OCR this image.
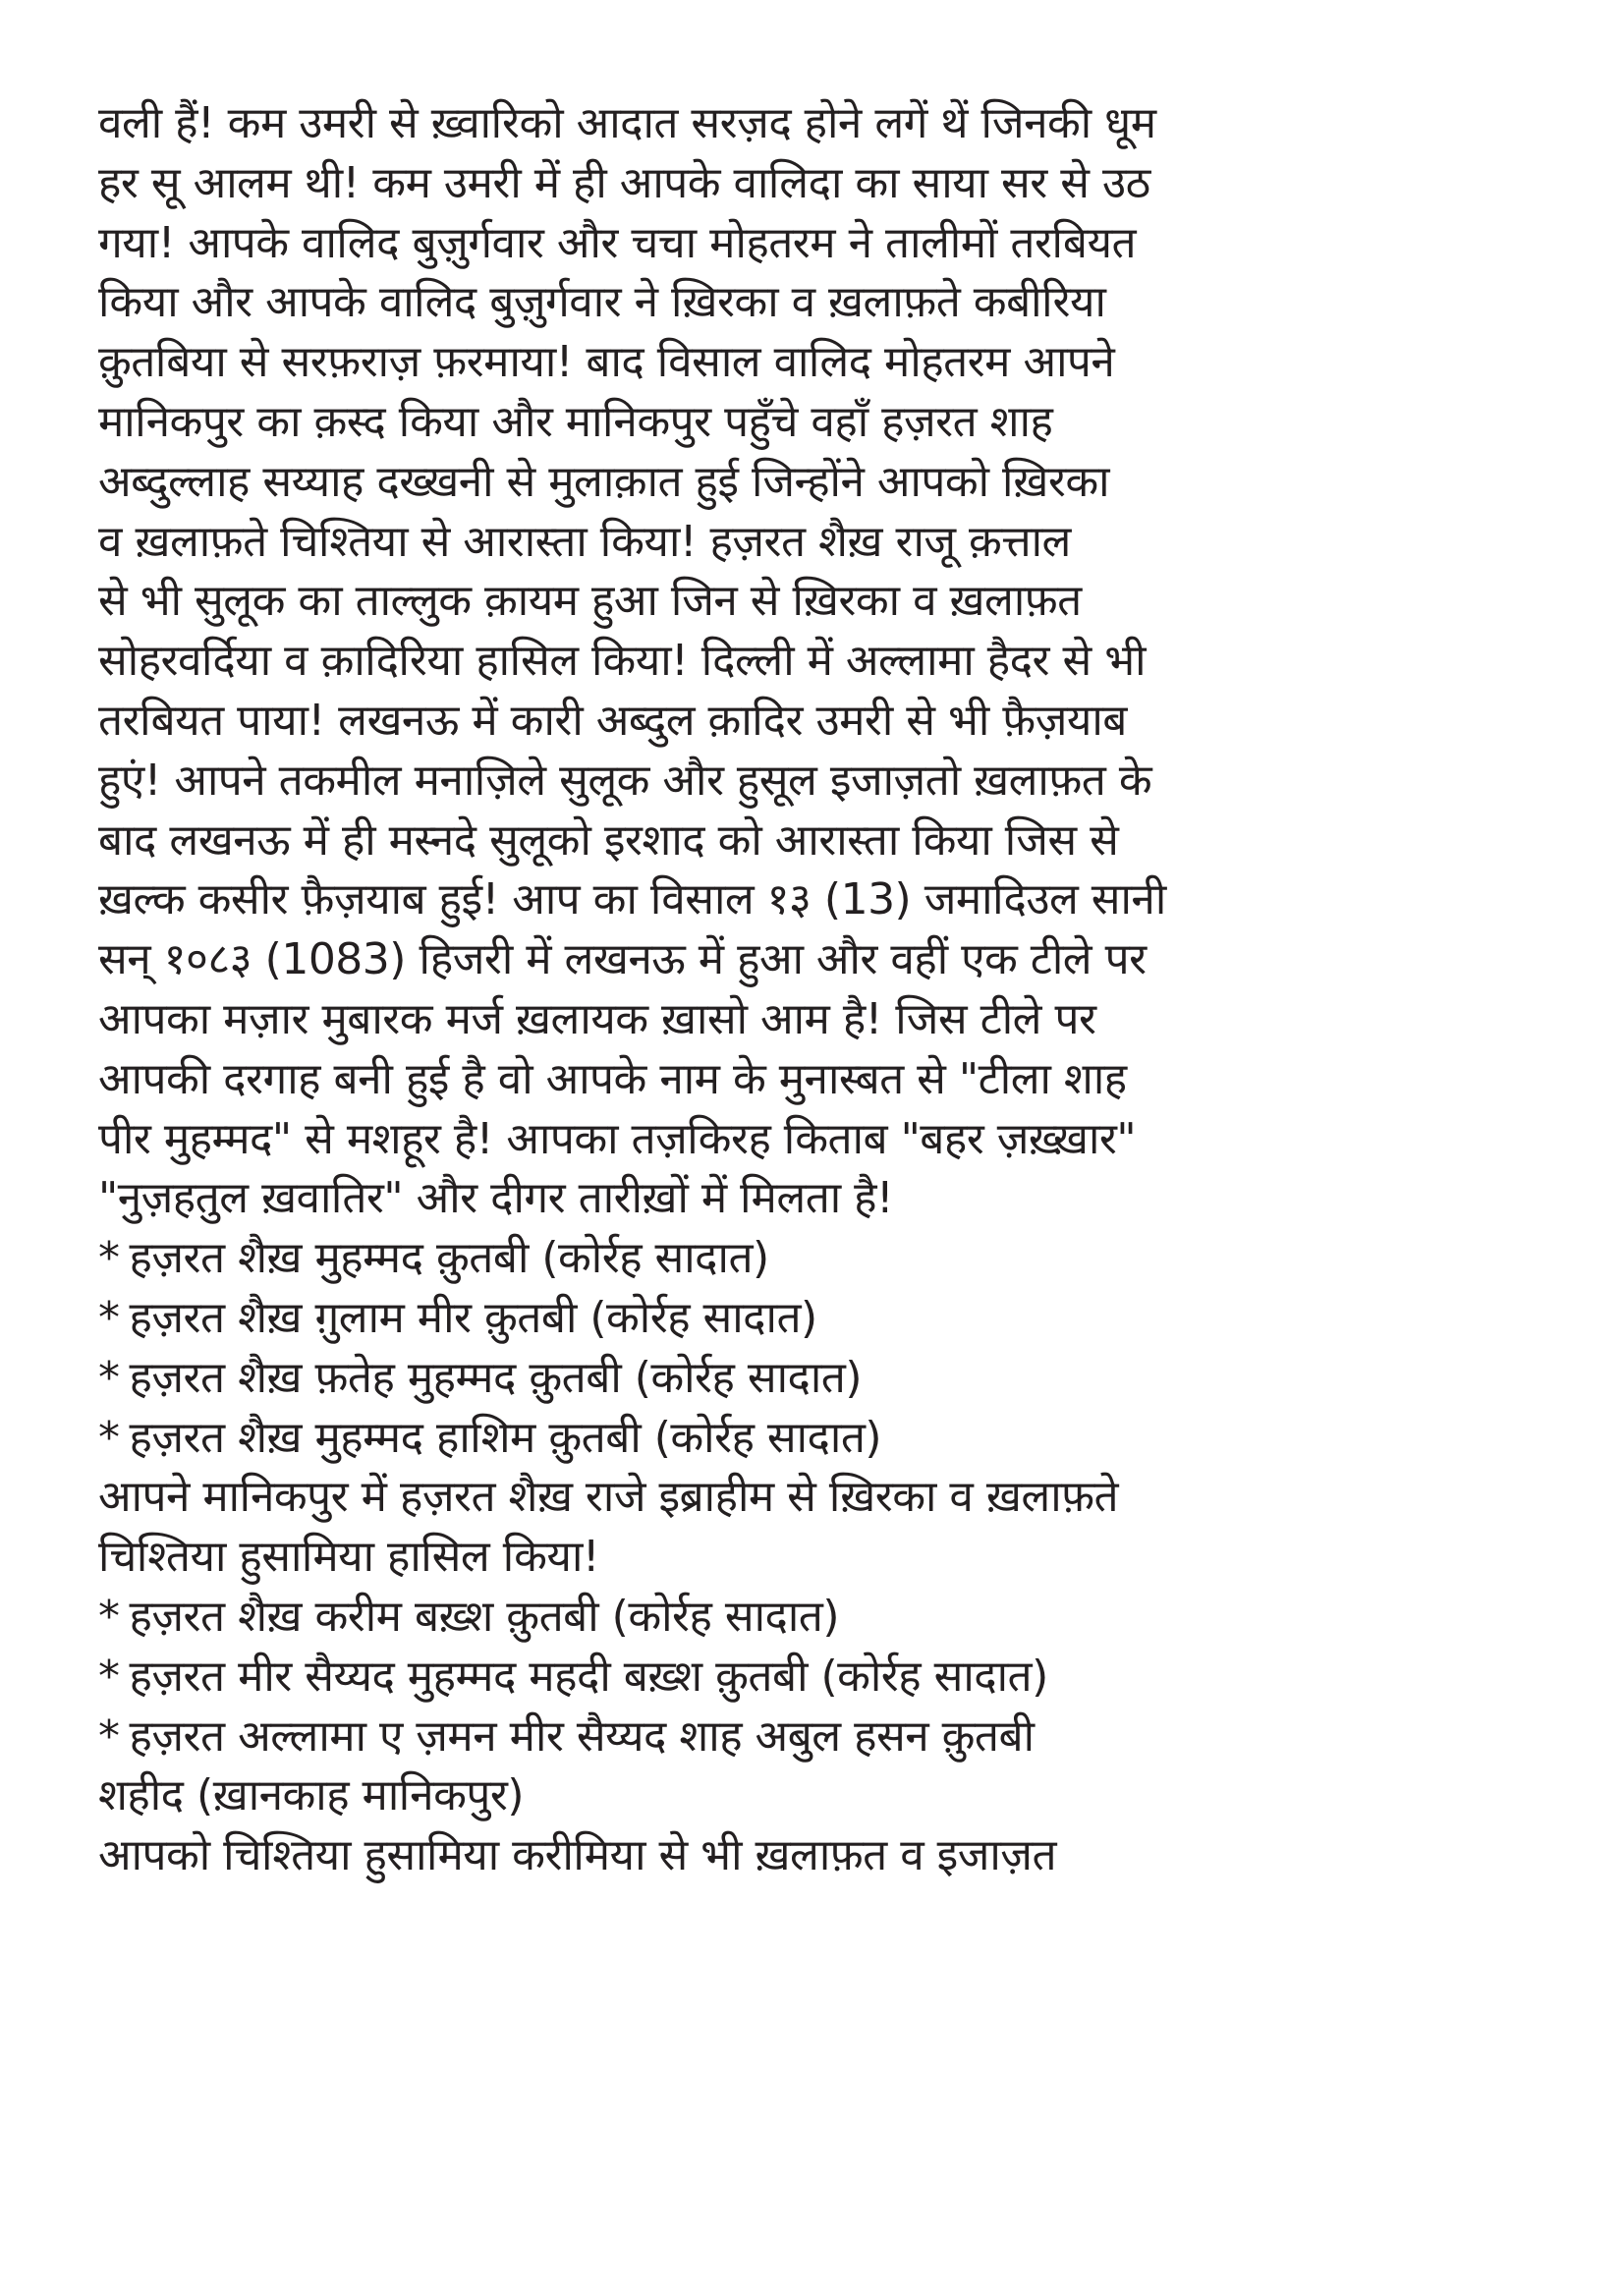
वली हैं! कम उमरी से ख़्वारिको आदात सरज़द होने लगें थें जिनकी धूम
हर सू आलम थी! कम उमरी में ही आपके वालिदा का साया सर से उठ
गया! आपके वालिद बुज़ुर्गवार और चचा मोहतरम ने तालीमों तरबियत
किया और आपके वालिद बुज़ुर्गवार ने ख़िरका व ख़लाफ़ते कबीरिया
क़ुतबिया से सरफ़राज़ फ़रमाया! बाद विसाल वालिद मोहतरम आपने
मानिकपुर का क़स्द किया और मानिकपुर पहुँचे वहाँ हज़रत शाह
अब्दुल्लाह सय्याह दख्खनी से मुलाक़ात हुई जिन्होंने आपको ख़िरका
व ख़लाफ़ते चिश्तिया से आरास्ता किया! हज़रत शैख़ राजू क़त्ताल
से भी सुलूक का ताल्लुक क़ायम हुआ जिन से ख़िरका व ख़लाफ़त
सोहरवर्दिया व क़ादिरिया हासिल किया! दिल्ली में अल्लामा हैदर से भी
तरबियत पाया! लखनऊ में कारी अब्दुल क़ादिर उमरी से भी फ़ैज़याब
हुएं! आपने तकमील मनाज़िले सुलूक और हुसूल इजाज़तो ख़लाफ़त के
बाद लखनऊ में ही मस्नदे सुलूको इरशाद को आरास्ता किया जिस से
ख़ल्क कसीर फ़ैज़याब हुई! आप का विसाल १३ (13) जमादिउल सानी
सन् १०८३ (1083) हिजरी में लखनऊ में हुआ और वहीं एक टीले पर
आपका मज़ार मुबारक मर्ज ख़लायक ख़ासो आम है! जिस टीले पर
आपकी दरगाह बनी हुई है वो आपके नाम के मुनास्बत से "टीला शाह
पीर मुहम्मद" से मशहूर है! आपका तज़किरह किताब "बहर ज़ख़्ख़ार"
"नुज़हतुल ख़वातिर" और दीगर तारीख़ों में मिलता है!
* हज़रत शैख़ मुहम्मद क़ुतबी (कोर्रह सादात)
* हज़रत शैख़ ग़ुलाम मीर क़ुतबी (कोर्रह सादात)
* हज़रत शैख़ फ़तेह मुहम्मद क़ुतबी (कोर्रह सादात)
* हज़रत शैख़ मुहम्मद हाशिम क़ुतबी (कोर्रह सादात)
आपने मानिकपुर में हज़रत शैख़ राजे इब्राहीम से ख़िरका व ख़लाफ़ते
चिश्तिया हुसामिया हासिल किया!
* हज़रत शैख़ करीम बख़्श क़ुतबी (कोर्रह सादात)
* हज़रत मीर सैय्यद मुहम्मद महदी बख़्श क़ुतबी (कोर्रह सादात)
* हज़रत अल्लामा ए ज़मन मीर सैय्यद शाह अबुल हसन क़ुतबी
शहीद (ख़ानकाह मानिकपुर)
आपको चिश्तिया हुसामिया करीमिया से भी ख़लाफ़त व इजाज़त
